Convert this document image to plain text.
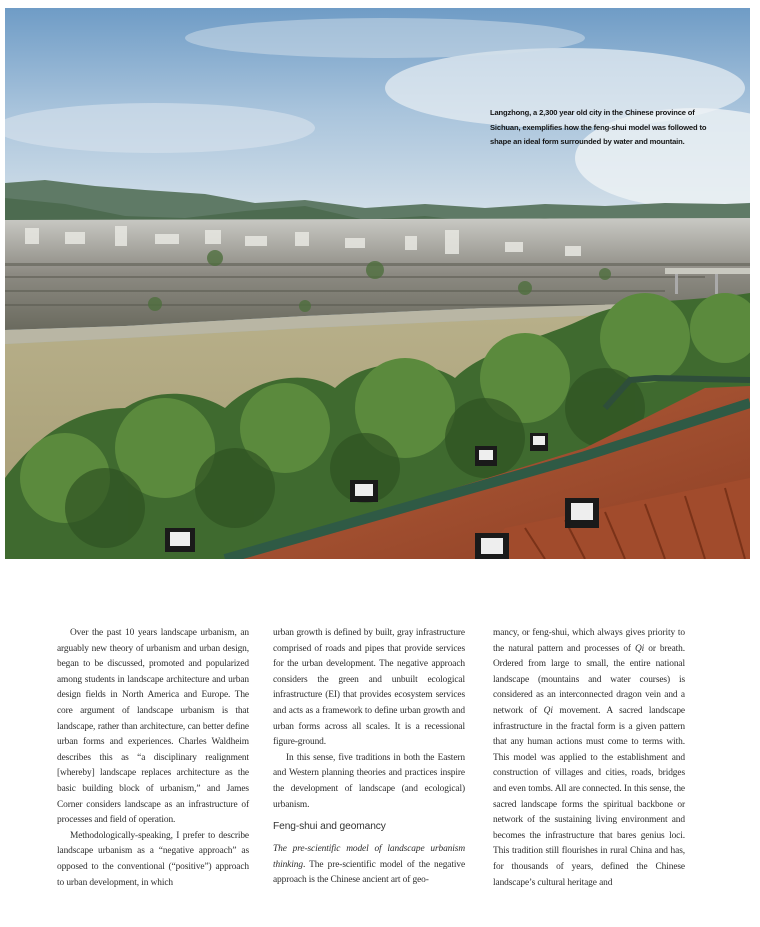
Langzhong, a 2,300 year old city in the Chinese province of Sichuan, exemplifies how the feng-shui model was followed to shape an ideal form surrounded by water and mountain.

Over the past 10 years landscape urbanism, an arguably new theory of urbanism and urban design, began to be discussed, promoted and popularized among students in landscape architecture and urban design fields in North America and Europe. The core argument of landscape urbanism is that landscape, rather than architecture, can better define urban forms and experiences. Charles Waldheim describes this as “a disciplinary realignment [whereby] landscape replaces architecture as the basic building block of urbanism,” and James Corner considers landscape as an infrastructure of processes and field of operation.

Methodologically-speaking, I prefer to describe landscape urbanism as a “negative approach” as opposed to the conventional (“positive”) approach to urban development, in which

urban growth is defined by built, gray infrastructure comprised of roads and pipes that provide services for the urban development. The negative approach considers the green and unbuilt ecological infrastructure (EI) that provides ecosystem services and acts as a framework to define urban growth and urban forms across all scales. It is a recessional figure-ground.

In this sense, five traditions in both the Eastern and Western planning theories and practices inspire the development of landscape (and ecological) urbanism.

Feng-shui and geomancy

The pre-scientific model of landscape urbanism thinking. The pre-scientific model of the negative approach is the Chinese ancient art of geo-

mancy, or feng-shui, which always gives priority to the natural pattern and processes of Qi or breath. Ordered from large to small, the entire national landscape (mountains and water courses) is considered as an interconnected dragon vein and a network of Qi movement. A sacred landscape infrastructure in the fractal form is a given pattern that any human actions must come to terms with. This model was applied to the establishment and construction of villages and cities, roads, bridges and even tombs. All are connected. In this sense, the sacred landscape forms the spiritual backbone or network of the sustaining living environment and becomes the infrastructure that bares genius loci. This tradition still flourishes in rural China and has, for thousands of years, defined the Chinese landscape’s cultural heritage and
